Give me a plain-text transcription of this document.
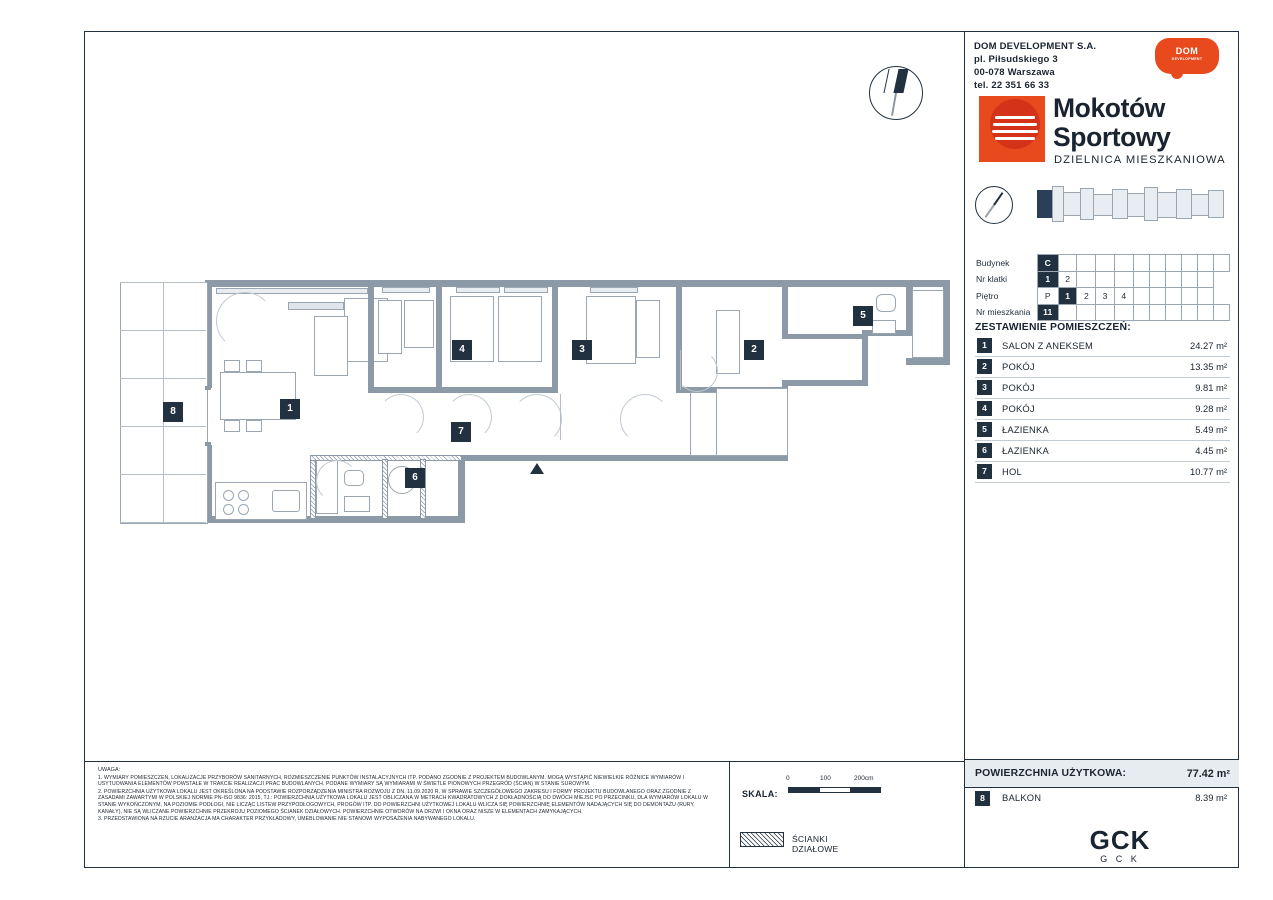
8	1
4	3	2
5
7
6
DOM DEVELOPMENT S.A.
pl. Piłsudskiego 3
00-078 Warszawa
tel. 22 351 66 33
DOM
DEVELOPMENT
Mokotów
Sportowy
DZIELNICA MIESZKANIOWA
Budynek	C										
Nr klatki	1	2									
Piętro	P	1	2	3	4						
Nr mieszkania	11										
ZESTAWIENIE POMIESZCZEŃ:
1	SALON Z ANEKSEM	24.27 m²
2	POKÓJ	13.35 m²
3	POKÓJ	9.81 m²
4	POKÓJ	9.28 m²
5	ŁAZIENKA	5.49 m²
6	ŁAZIENKA	4.45 m²
7	HOL	10.77 m²
POWIERZCHNIA UŻYTKOWA:	77.42 m²
8 BALKON	8.39 m²
UWAGA:

1. WYMIARY POMIESZCZEŃ, LOKALIZACJE PRZYBORÓW SANITARNYCH, ROZMIESZCZENIE PUNKTÓW INSTALACYJNYCH ITP. PODANO ZGODNIE Z PROJEKTEM BUDOWLANYM. MOGĄ WYSTĄPIĆ NIEWIELKIE RÓŻNICE WYMIARÓW I USYTUOWANIA ELEMENTÓW POWSTAŁE W TRAKCIE REALIZACJI PRAC BUDOWLANYCH. PODANE WYMIARY SĄ WYMIARAMI W ŚWIETLE PIONOWYCH PRZEGRÓD (ŚCIAN) W STANIE SUROWYM.

2. POWIERZCHNIA UŻYTKOWA LOKALU JEST OKREŚLONA NA PODSTAWIE ROZPORZĄDZENIA MINISTRA ROZWOJU Z DN. 11.09.2020 R. W SPRAWIE SZCZEGÓŁOWEGO ZAKRESU I FORMY PROJEKTU BUDOWLANEGO ORAZ ZGODNIE Z ZASADAMI ZAWARTYMI W POLSKIEJ NORMIE PN-ISO 9836: 2015, TJ.: POWIERZCHNIA UŻYTKOWA LOKALU JEST OBLICZANA W METRACH KWADRATOWYCH Z DOKŁADNOŚCIĄ DO DWÓCH MIEJSC PO PRZECINKU, DLA WYMIARÓW LOKALU W STANIE WYKOŃCZONYM, NA POZIOMIE PODŁOGI, NIE LICZĄC LISTEW PRZYPODŁOGOWYCH, PROGÓW ITP. DO POWIERZCHNI UŻYTKOWEJ LOKALU WLICZA SIĘ POWIERZCHNIĘ ELEMENTÓW NADAJĄCYCH SIĘ DO DEMONTAŻU (RURY, KANAŁY), NIE SĄ WLICZANE POWIERZCHNIE PRZEKROJU POZIOMEGO ŚCIANEK DZIAŁOWYCH. POWIERZCHNIE OTWORÓW NA DRZWI I OKNA ORAZ NISZE W ELEMENTACH ZAMYKAJĄCYCH.

3. PRZEDSTAWIONA NA RZUCIE ARANŻACJA MA CHARAKTER PRZYKŁADOWY, UMEBLOWANIE NIE STANOWI WYPOSAŻENIA NABYWANEGO LOKALU.

SKALA:
0	100	200cm
ŚCIANKI DZIAŁOWE	GCK
G C K
